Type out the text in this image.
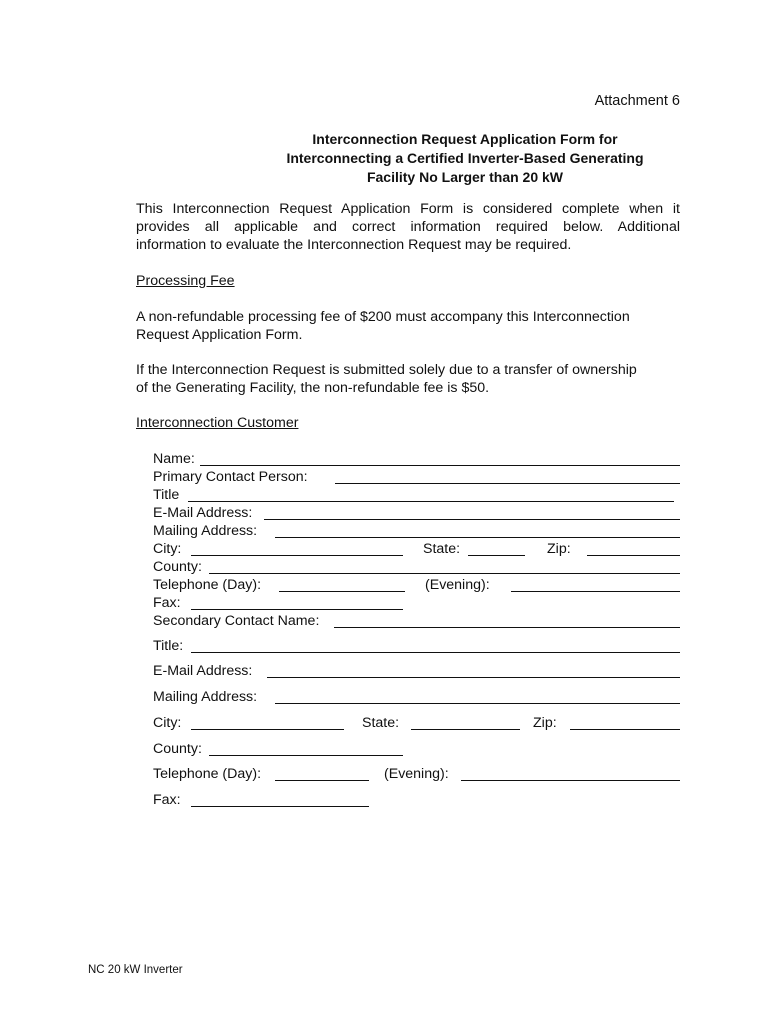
Attachment 6
Interconnection Request Application Form for
Interconnecting a Certified Inverter-Based Generating
Facility No Larger than 20 kW
This Interconnection Request Application Form is considered complete when it
provides all applicable and correct information required below. Additional
information to evaluate the Interconnection Request may be required.
Processing Fee
A non-refundable processing fee of $200 must accompany this Interconnection
Request Application Form.
If the Interconnection Request is submitted solely due to a transfer of ownership
of the Generating Facility, the non-refundable fee is $50.
Interconnection Customer
Name:
Primary Contact Person:
Title
E-Mail Address:
Mailing Address:
City:	State:	Zip:
County:
Telephone (Day):	(Evening):
Fax:
Secondary Contact Name:
Title:
E-Mail Address:
Mailing Address:
City:	State:	Zip:
County:
Telephone (Day):	(Evening):
Fax:
NC 20 kW Inverter
